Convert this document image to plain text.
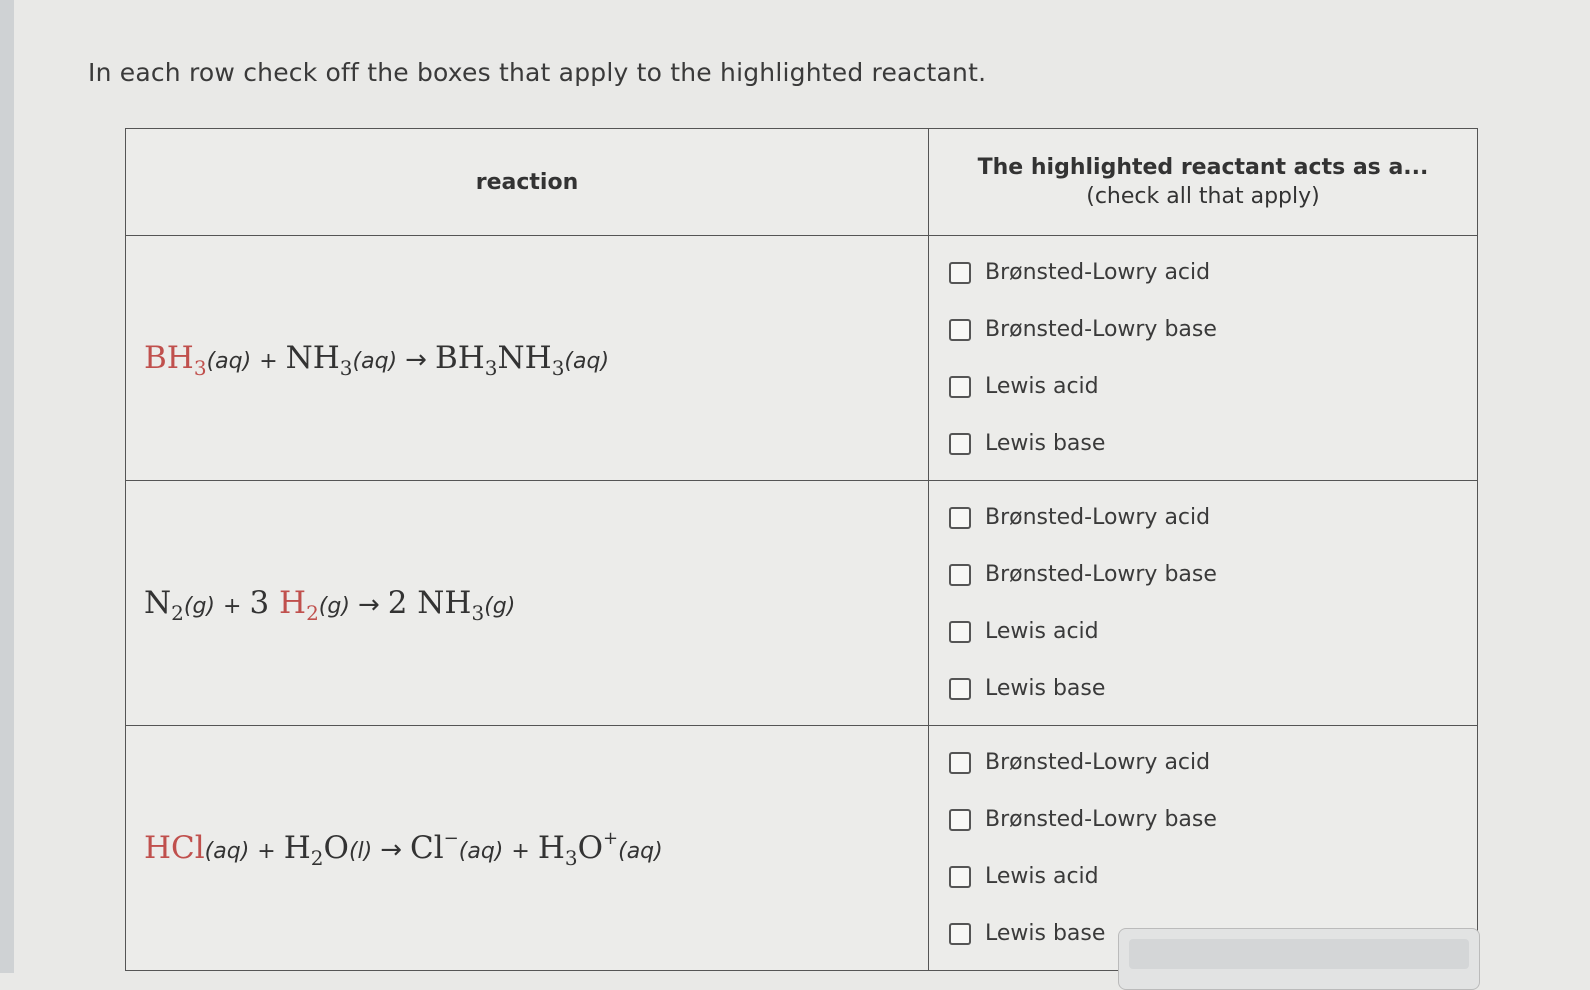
In each row check off the boxes that apply to the highlighted reactant.
reaction	The highlighted reactant acts as a...
(check all that apply)

$BH_3(aq) + NH_3(aq) \to BH_3NH_3(aq)$	Brønsted-Lowry acid
Brønsted-Lowry base
Lewis acid
Lewis base

$N_2(g) + 3$ $H_2(g) \to 2$ $NH_3(g)$	Brønsted-Lowry acid
Brønsted-Lowry base
Lewis acid
Lewis base

$HCl(aq) + H_2O(l) \to Cl^-(aq) + H_3O^+(aq)$	Brønsted-Lowry acid
Brønsted-Lowry base
Lewis acid
Lewis base
